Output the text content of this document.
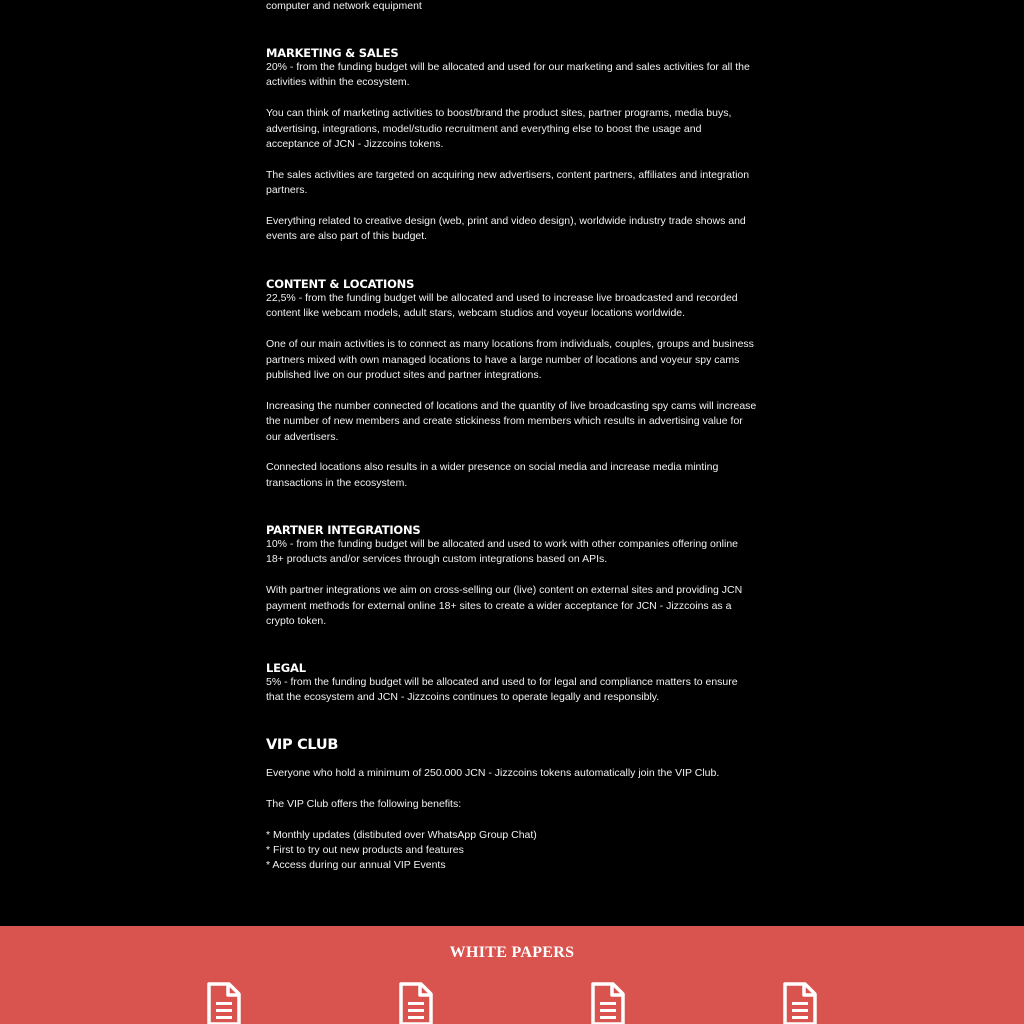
computer and network equipment

MARKETING & SALES

20% - from the funding budget will be allocated and used for our marketing and sales activities for all the activities within the ecosystem.

You can think of marketing activities to boost/brand the product sites, partner programs, media buys, advertising, integrations, model/studio recruitment and everything else to boost the usage and acceptance of JCN - Jizzcoins tokens.

The sales activities are targeted on acquiring new advertisers, content partners, affiliates and integration partners.

Everything related to creative design (web, print and video design), worldwide industry trade shows and events are also part of this budget.

CONTENT & LOCATIONS

22,5% - from the funding budget will be allocated and used to increase live broadcasted and recorded content like webcam models, adult stars, webcam studios and voyeur locations worldwide.

One of our main activities is to connect as many locations from individuals, couples, groups and business partners mixed with own managed locations to have a large number of locations and voyeur spy cams published live on our product sites and partner integrations.

Increasing the number connected of locations and the quantity of live broadcasting spy cams will increase the number of new members and create stickiness from members which results in advertising value for our advertisers.

Connected locations also results in a wider presence on social media and increase media minting transactions in the ecosystem.

PARTNER INTEGRATIONS

10% - from the funding budget will be allocated and used to work with other companies offering online 18+ products and/or services through custom integrations based on APIs.

With partner integrations we aim on cross-selling our (live) content on external sites and providing JCN payment methods for external online 18+ sites to create a wider acceptance for JCN - Jizzcoins as a crypto token.

LEGAL

5% - from the funding budget will be allocated and used to for legal and compliance matters to ensure that the ecosystem and JCN - Jizzcoins continues to operate legally and responsibly.

VIP CLUB

Everyone who hold a minimum of 250.000 JCN - Jizzcoins tokens automatically join the VIP Club.

The VIP Club offers the following benefits:

* Monthly updates (distibuted over WhatsApp Group Chat)

* First to try out new products and features

* Access during our annual VIP Events

WHITE PAPERS
